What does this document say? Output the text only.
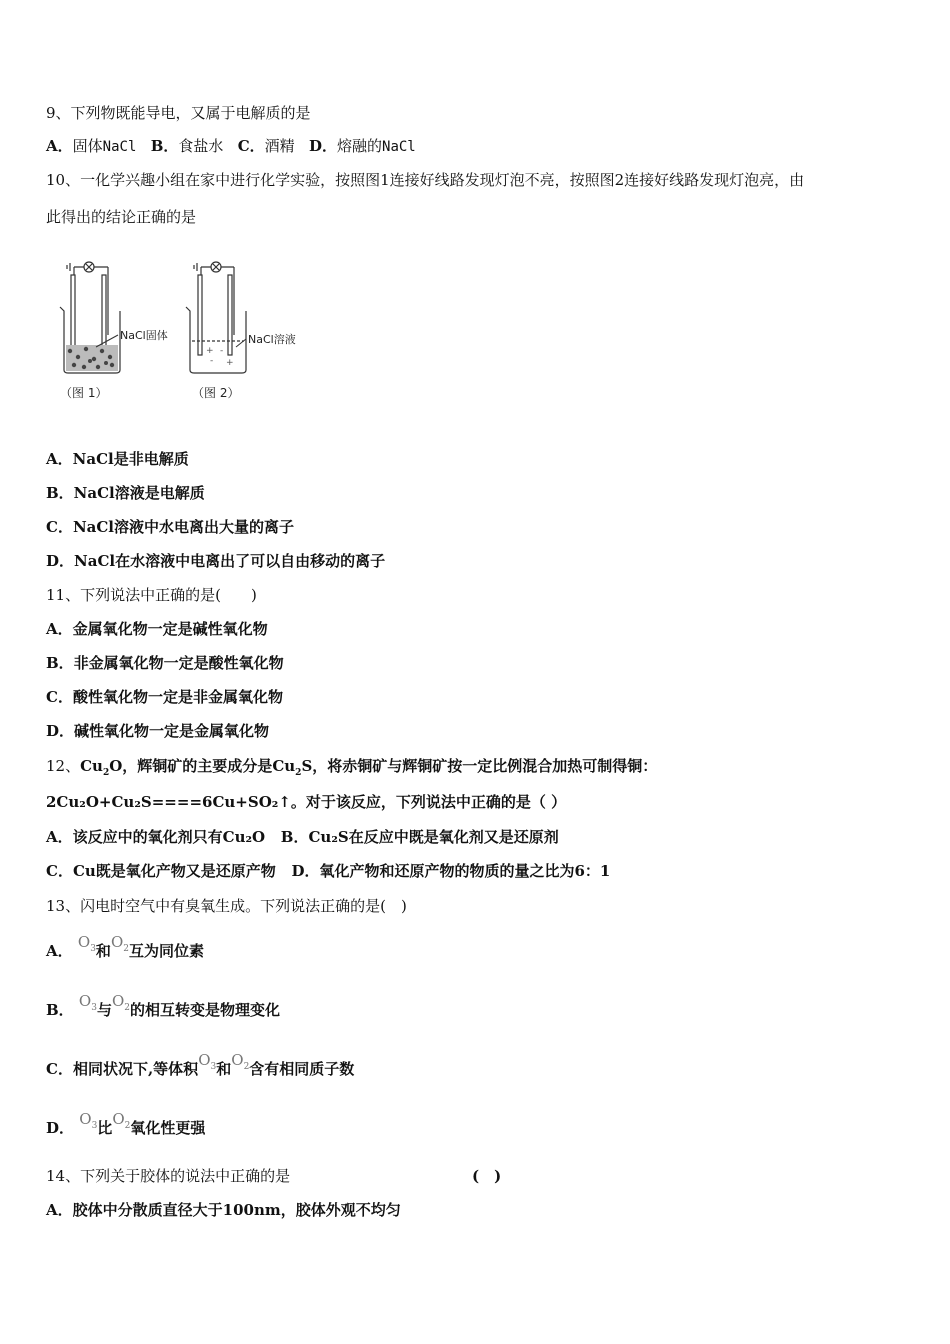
9、下列物既能导电，又属于电解质的是
A．固体NaCl B．食盐水 C．酒精 D．熔融的NaCl
10、一化学兴趣小组在家中进行化学实验，按照图1连接好线路发现灯泡不亮，按照图2连接好线路发现灯泡亮，由
此得出的结论正确的是
NaCl固体
（图 1）
+ -
- +
NaCl溶液
（图 2）
A．NaCl是非电解质
B．NaCl溶液是电解质
C．NaCl溶液中水电离出大量的离子
D．NaCl在水溶液中电离出了可以自由移动的离子
11、下列说法中正确的是(　　)
A．金属氧化物一定是碱性氧化物
B．非金属氧化物一定是酸性氧化物
C．酸性氧化物一定是非金属氧化物
D．碱性氧化物一定是金属氧化物
12、$Cu_2O$，辉铜矿的主要成分是$Cu_2S$，将赤铜矿与辉铜矿按一定比例混合加热可制得铜：
2Cu₂O+Cu₂S====6Cu+SO₂↑。对于该反应，下列说法中正确的是（ ）
A．该反应中的氧化剂只有Cu₂O B．Cu₂S在反应中既是氧化剂又是还原剂
C．Cu既是氧化产物又是还原产物 D．氧化产物和还原产物的物质的量之比为6：1
13、闪电时空气中有臭氧生成。下列说法正确的是(　)
A． $O_3$和$O_2$互为同位素
B． $O_3$与$O_2$的相互转变是物理变化
C．相同状况下,等体积$O_3$和$O_2$含有相同质子数
D． $O_3$比$O_2$氧化性更强
14、下列关于胶体的说法中正确的是	(　)
A．胶体中分散质直径大于100nm，胶体外观不均匀
